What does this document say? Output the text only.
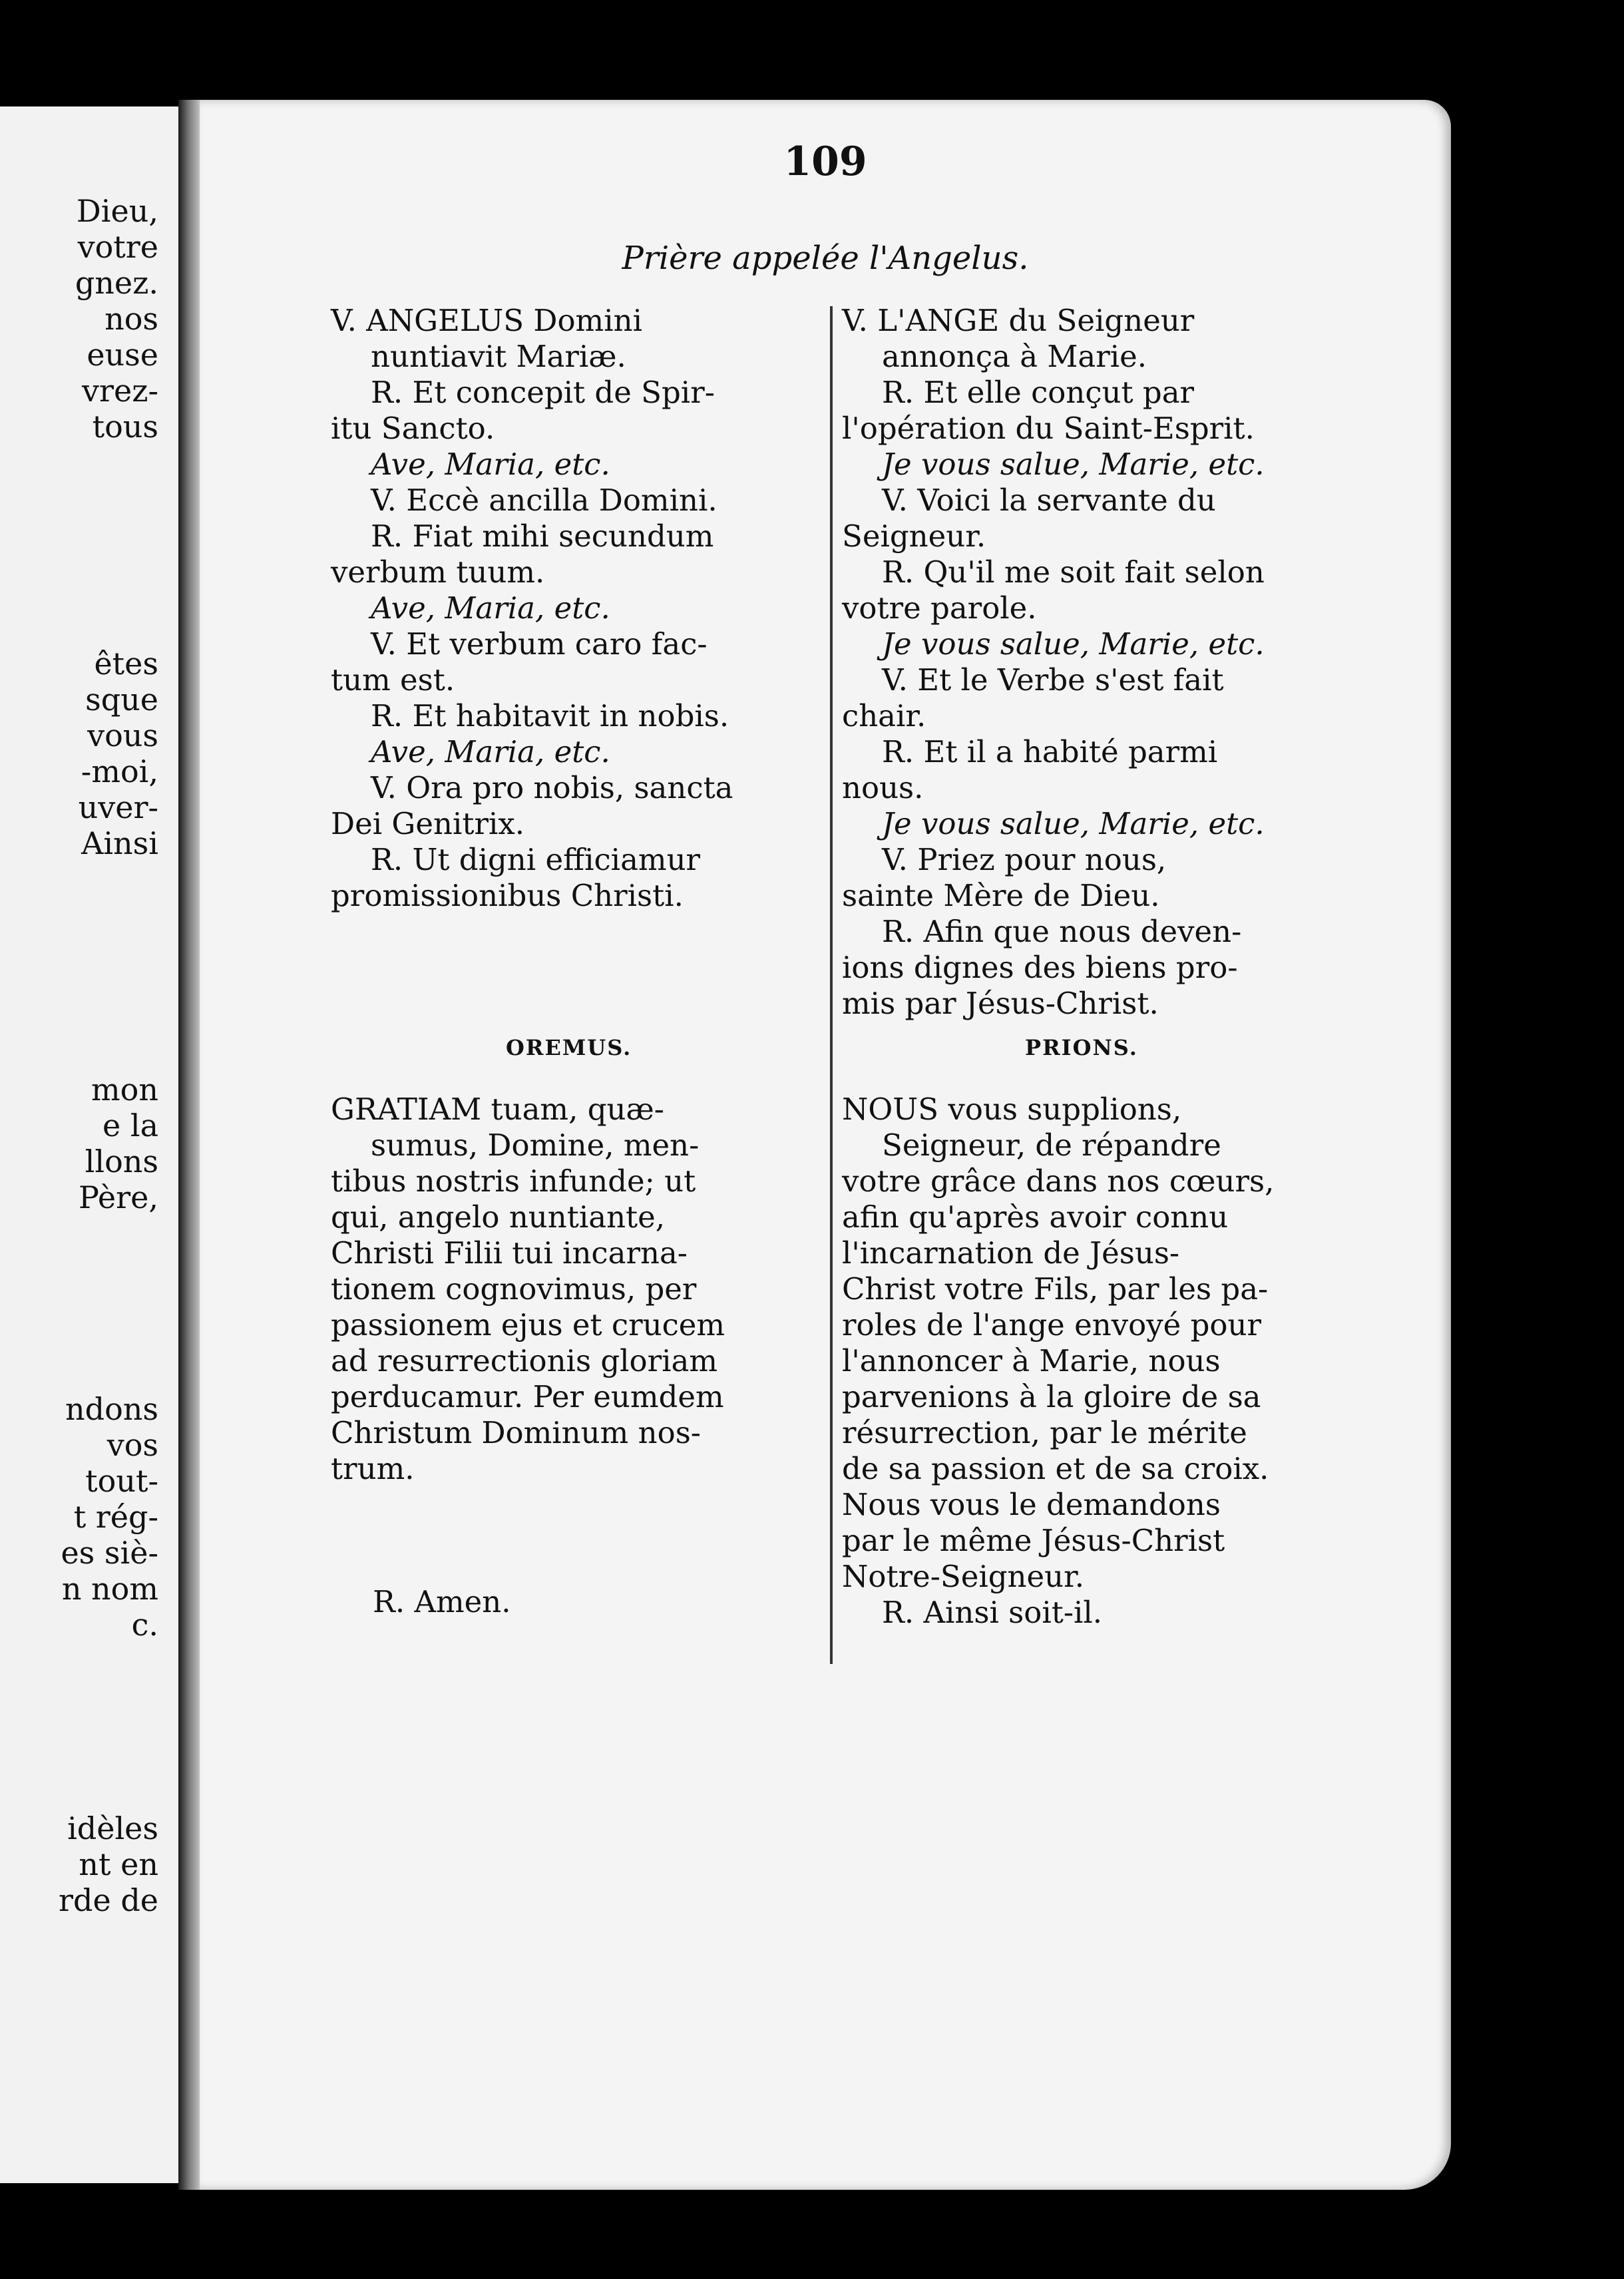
Dieu,
votre
gnez.
nos
euse
vrez-
tous
êtes
sque
vous
-moi,
uver-
Ainsi
mon
e la
llons
Père,
ndons
vos
tout-
t rég-
es siè-
n nom
c.
idèles
nt en
rde de
109
Prière appelée l'Angelus.
V. ANGELUS Domini
nuntiavit Mariæ.
R. Et concepit de Spir-
itu Sancto.
Ave, Maria, etc.
V. Eccè ancilla Domini.
R. Fiat mihi secundum
verbum tuum.
Ave, Maria, etc.
V. Et verbum caro fac-
tum est.
R. Et habitavit in nobis.
Ave, Maria, etc.
V. Ora pro nobis, sancta
Dei Genitrix.
R. Ut digni efficiamur
promissionibus Christi.
V. L'ANGE du Seigneur
annonça à Marie.
R. Et elle conçut par
l'opération du Saint-Esprit.
Je vous salue, Marie, etc.
V. Voici la servante du
Seigneur.
R. Qu'il me soit fait selon
votre parole.
Je vous salue, Marie, etc.
V. Et le Verbe s'est fait
chair.
R. Et il a habité parmi
nous.
Je vous salue, Marie, etc.
V. Priez pour nous,
sainte Mère de Dieu.
R. Afin que nous deven-
ions dignes des biens pro-
mis par Jésus-Christ.
OREMUS.	PRIONS.
GRATIAM tuam, quæ-
sumus, Domine, men-
tibus nostris infunde; ut
qui, angelo nuntiante,
Christi Filii tui incarna-
tionem cognovimus, per
passionem ejus et crucem
ad resurrectionis gloriam
perducamur. Per eumdem
Christum Dominum nos-
trum.
NOUS vous supplions,
Seigneur, de répandre
votre grâce dans nos cœurs,
afin qu'après avoir connu
l'incarnation de Jésus-
Christ votre Fils, par les pa-
roles de l'ange envoyé pour
l'annoncer à Marie, nous
parvenions à la gloire de sa
résurrection, par le mérite
de sa passion et de sa croix.
Nous vous le demandons
par le même Jésus-Christ
Notre-Seigneur.
R. Ainsi soit-il.
R. Amen.
